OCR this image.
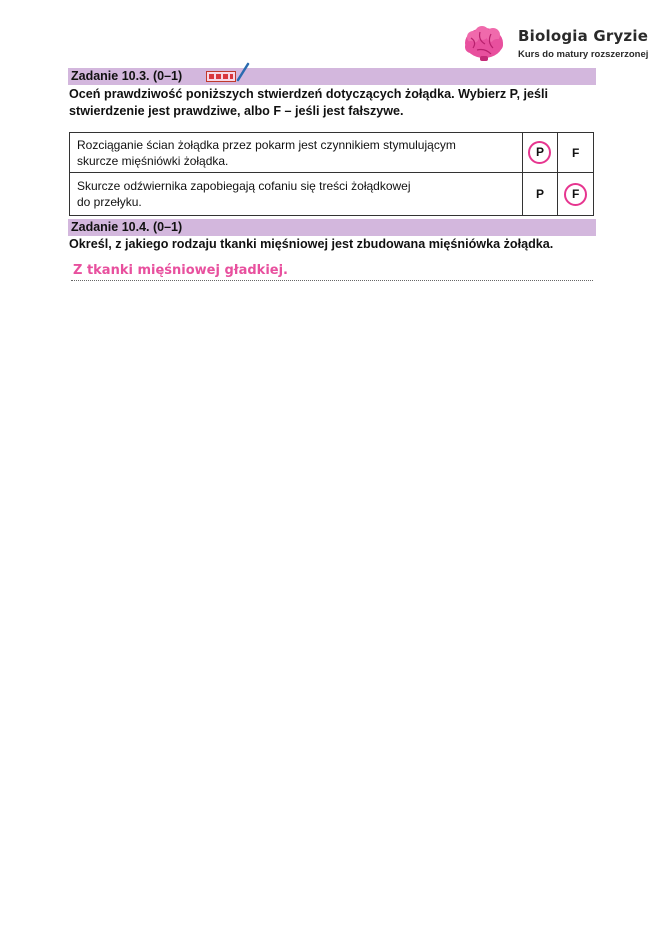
Biologia Gryzie
Kurs do matury rozszerzonej
Zadanie 10.3. (0–1)
Oceń prawdziwość poniższych stwierdzeń dotyczących żołądka. Wybierz P, jeśli
stwierdzenie jest prawdziwe, albo F – jeśli jest fałszywe.
Rozciąganie ścian żołądka przez pokarm jest czynnikiem stymulującym
skurcze mięśniówki żołądka.	P	F

Skurcze odźwiernika zapobiegają cofaniu się treści żołądkowej
do przełyku.	P	F
Zadanie 10.4. (0–1)
Określ, z jakiego rodzaju tkanki mięśniowej jest zbudowana mięśniówka żołądka.
Z tkanki mięśniowej gładkiej.
